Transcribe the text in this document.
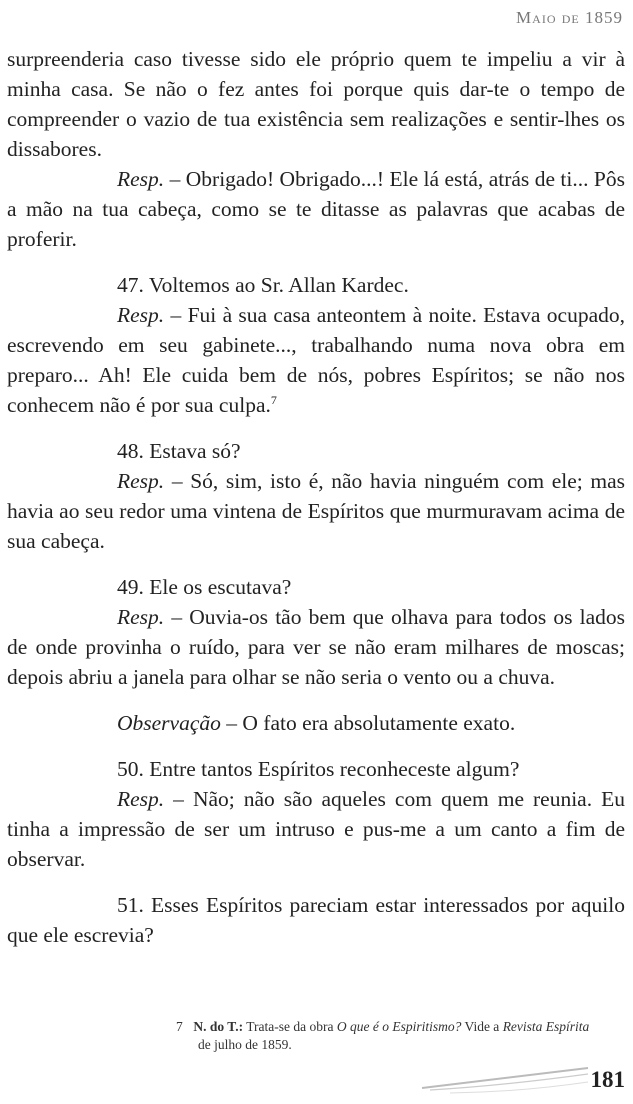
Maio de 1859

surpreenderia caso tivesse sido ele próprio quem te impeliu a vir à minha casa. Se não o fez antes foi porque quis dar-te o tempo de compreender o vazio de tua existência sem realizações e sentir-lhes os dissabores.

Resp. – Obrigado! Obrigado...! Ele lá está, atrás de ti... Pôs a mão na tua cabeça, como se te ditasse as palavras que acabas de proferir.

47. Voltemos ao Sr. Allan Kardec.

Resp. – Fui à sua casa anteontem à noite. Estava ocupado, escrevendo em seu gabinete..., trabalhando numa nova obra em preparo... Ah! Ele cuida bem de nós, pobres Espíritos; se não nos conhecem não é por sua culpa.$^7$

48. Estava só?

Resp. – Só, sim, isto é, não havia ninguém com ele; mas havia ao seu redor uma vintena de Espíritos que murmuravam acima de sua cabeça.

49. Ele os escutava?

Resp. – Ouvia-os tão bem que olhava para todos os lados de onde provinha o ruído, para ver se não eram milhares de moscas; depois abriu a janela para olhar se não seria o vento ou a chuva.

Observação – O fato era absolutamente exato.

50. Entre tantos Espíritos reconheceste algum?

Resp. – Não; não são aqueles com quem me reunia. Eu tinha a impressão de ser um intruso e pus-me a um canto a fim de observar.

51. Esses Espíritos pareciam estar interessados por aquilo que ele escrevia?

7 N. do T.: Trata-se da obra O que é o Espiritismo? Vide a Revista Espírita
de julho de 1859.
181
